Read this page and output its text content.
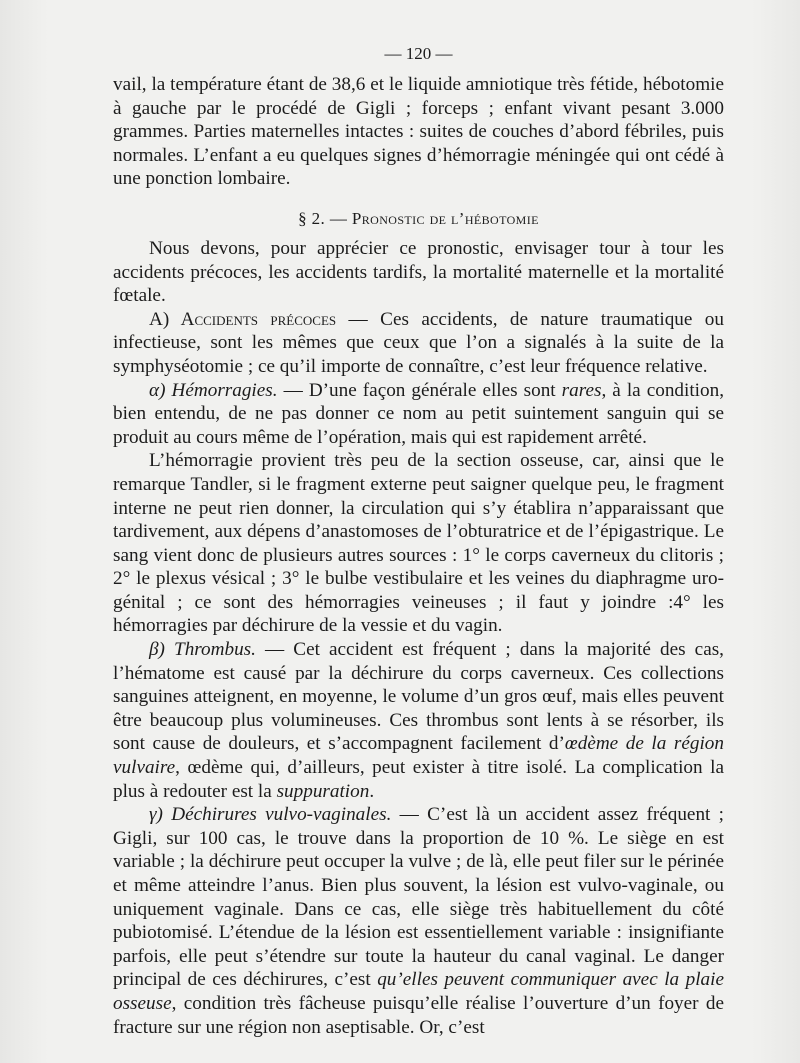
— 120 —

vail, la température étant de 38,6 et le liquide amniotique très fétide, hébotomie à gauche par le procédé de Gigli ; forceps ; enfant vivant pesant 3.000 grammes. Parties maternelles intactes : suites de couches d’abord fébriles, puis normales. L’enfant a eu quelques signes d’hémorragie méningée qui ont cédé à une ponction lombaire.

§ 2. — Pronostic de l’hébotomie

Nous devons, pour apprécier ce pronostic, envisager tour à tour les accidents précoces, les accidents tardifs, la mortalité maternelle et la mortalité fœtale.

A) Accidents précoces — Ces accidents, de nature traumatique ou infectieuse, sont les mêmes que ceux que l’on a signalés à la suite de la symphyséotomie ; ce qu’il importe de connaître, c’est leur fréquence relative.

α) Hémorragies. — D’une façon générale elles sont rares, à la condition, bien entendu, de ne pas donner ce nom au petit suintement sanguin qui se produit au cours même de l’opération, mais qui est rapidement arrêté.

L’hémorragie provient très peu de la section osseuse, car, ainsi que le remarque Tandler, si le fragment externe peut saigner quelque peu, le fragment interne ne peut rien donner, la circulation qui s’y établira n’apparaissant que tardivement, aux dépens d’anastomoses de l’obturatrice et de l’épigastrique. Le sang vient donc de plusieurs autres sources : 1° le corps caverneux du clitoris ; 2° le plexus vésical ; 3° le bulbe vestibulaire et les veines du diaphragme uro-génital ; ce sont des hémorragies veineuses ; il faut y joindre :4° les hémorragies par déchirure de la vessie et du vagin.

β) Thrombus. — Cet accident est fréquent ; dans la majorité des cas, l’hématome est causé par la déchirure du corps caverneux. Ces collections sanguines atteignent, en moyenne, le volume d’un gros œuf, mais elles peuvent être beaucoup plus volumineuses. Ces thrombus sont lents à se résorber, ils sont cause de douleurs, et s’accompagnent facilement d’œdème de la région vulvaire, œdème qui, d’ailleurs, peut exister à titre isolé. La complication la plus à redouter est la suppuration.

γ) Déchirures vulvo-vaginales. — C’est là un accident assez fréquent ; Gigli, sur 100 cas, le trouve dans la proportion de 10 %. Le siège en est variable ; la déchirure peut occuper la vulve ; de là, elle peut filer sur le périnée et même atteindre l’anus. Bien plus souvent, la lésion est vulvo-vaginale, ou uniquement vaginale. Dans ce cas, elle siège très habituellement du côté pubiotomisé. L’étendue de la lésion est essentiellement variable : insignifiante parfois, elle peut s’étendre sur toute la hauteur du canal vaginal. Le danger principal de ces déchirures, c’est qu’elles peuvent communiquer avec la plaie osseuse, condition très fâcheuse puisqu’elle réalise l’ouverture d’un foyer de fracture sur une région non aseptisable. Or, c’est
